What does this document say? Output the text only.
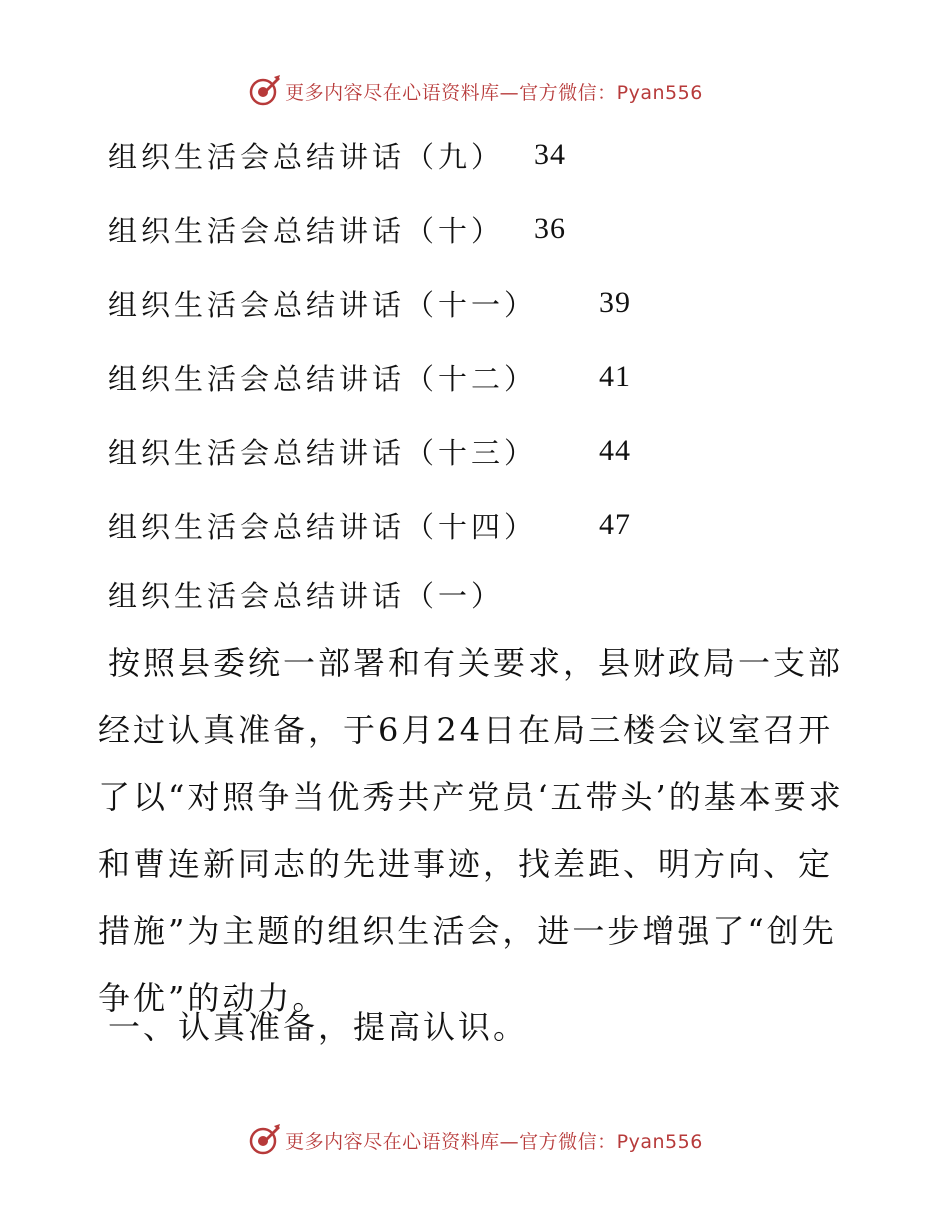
更多内容尽在心语资料库—官方微信：Pyan556
组织生活会总结讲话（九） 34
组织生活会总结讲话（十） 36
组织生活会总结讲话（十一） 39
组织生活会总结讲话（十二） 41
组织生活会总结讲话（十三） 44
组织生活会总结讲话（十四） 47
组织生活会总结讲话（一）

按照县委统一部署和有关要求，县财政局一支部经过认真准备，于6月24日在局三楼会议室召开了以“对照争当优秀共产党员‘五带头’的基本要求和曹连新同志的先进事迹，找差距、明方向、定措施”为主题的组织生活会，进一步增强了“创先争优”的动力。

一、认真准备，提高认识。
更多内容尽在心语资料库—官方微信：Pyan556
